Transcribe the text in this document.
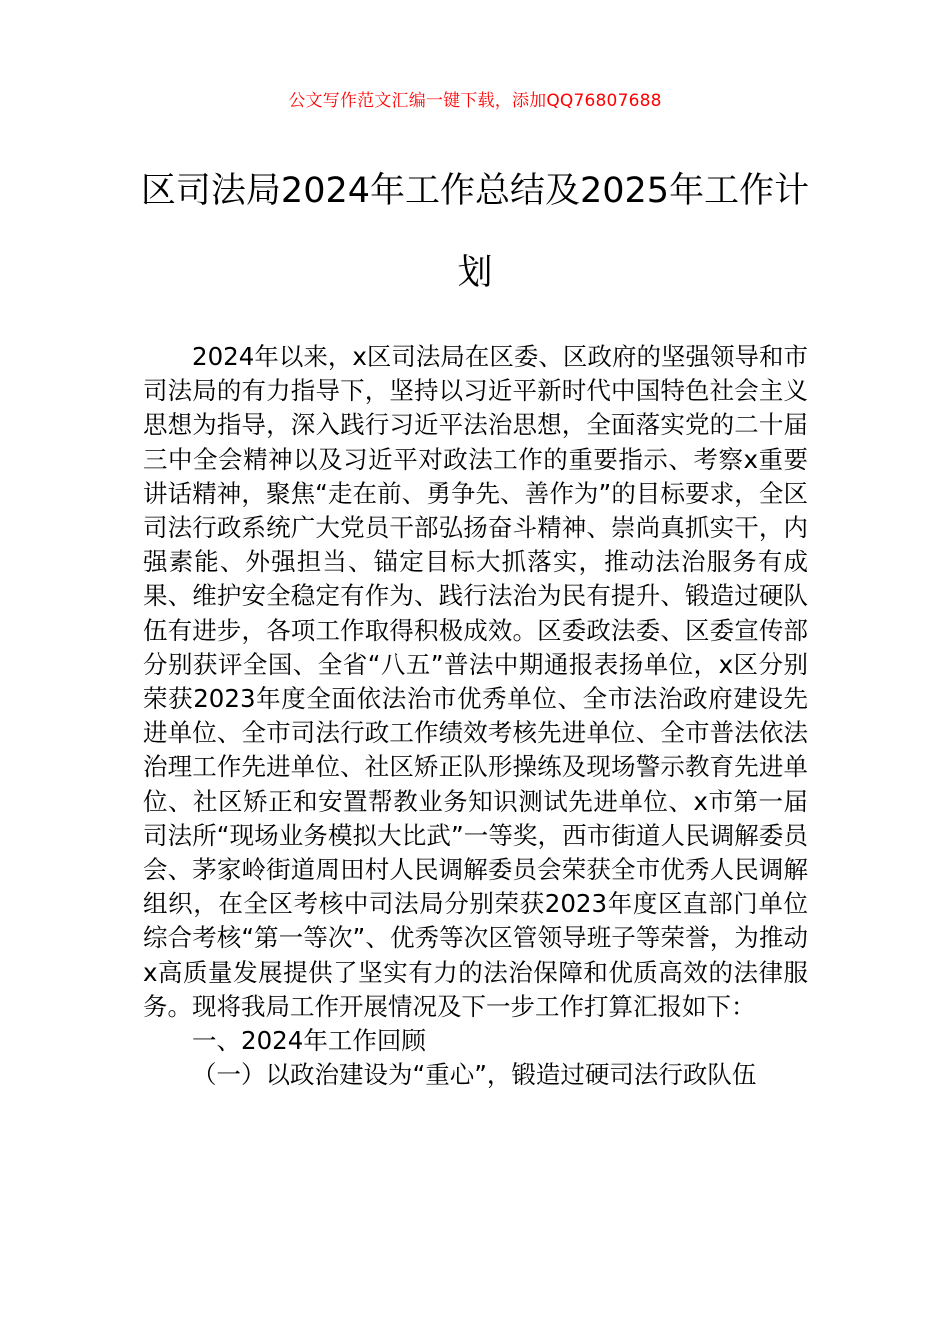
公文写作范文汇编一键下载，添加QQ76807688
区司法局2024年工作总结及2025年工作计划

2024年以来，x区司法局在区委、区政府的坚强领导和市司法局的有力指导下，坚持以习近平新时代中国特色社会主义思想为指导，深入践行习近平法治思想，全面落实党的二十届三中全会精神以及习近平对政法工作的重要指示、考察x重要讲话精神，聚焦“走在前、勇争先、善作为”的目标要求，全区司法行政系统广大党员干部弘扬奋斗精神、崇尚真抓实干，内强素能、外强担当、锚定目标大抓落实，推动法治服务有成果、维护安全稳定有作为、践行法治为民有提升、锻造过硬队伍有进步，各项工作取得积极成效。区委政法委、区委宣传部分别获评全国、全省“八五”普法中期通报表扬单位，x区分别荣获2023年度全面依法治市优秀单位、全市法治政府建设先进单位、全市司法行政工作绩效考核先进单位、全市普法依法治理工作先进单位、社区矫正队形操练及现场警示教育先进单位、社区矫正和安置帮教业务知识测试先进单位、x市第一届司法所“现场业务模拟大比武”一等奖，西市街道人民调解委员会、茅家岭街道周田村人民调解委员会荣获全市优秀人民调解组织，在全区考核中司法局分别荣获2023年度区直部门单位综合考核“第一等次”、优秀等次区管领导班子等荣誉，为推动x高质量发展提供了坚实有力的法治保障和优质高效的法律服务。现将我局工作开展情况及下一步工作打算汇报如下：

一、2024年工作回顾

（一）以政治建设为“重心”，锻造过硬司法行政队伍
